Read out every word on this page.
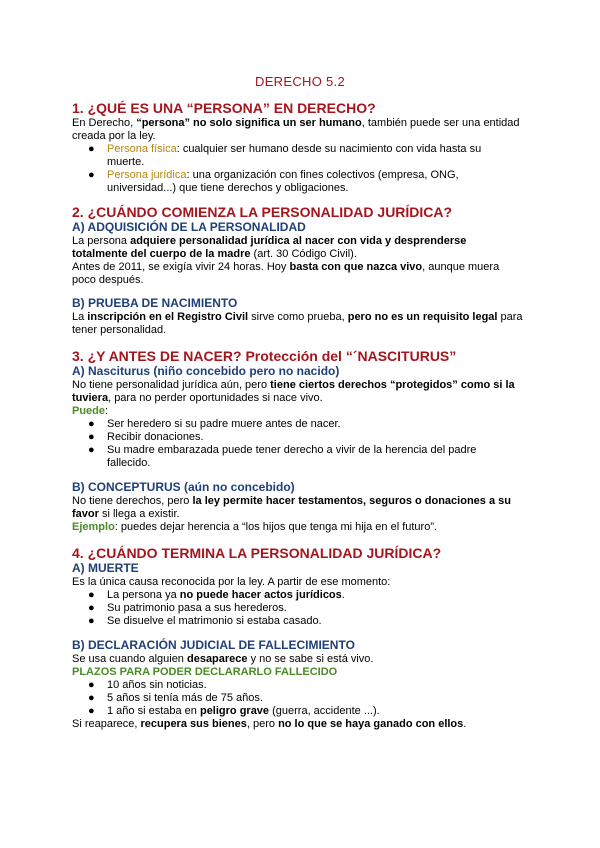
DERECHO 5.2
1. ¿QUÉ ES UNA “PERSONA” EN DERECHO?
En Derecho, “persona” no solo significa un ser humano, también puede ser una entidad
creada por la ley.
● Persona física: cualquier ser humano desde su nacimiento con vida hasta su
muerte.
● Persona jurídica: una organización con fines colectivos (empresa, ONG,
universidad...) que tiene derechos y obligaciones.
2. ¿CUÁNDO COMIENZA LA PERSONALIDAD JURÍDICA?
A) ADQUISICIÓN DE LA PERSONALIDAD
La persona adquiere personalidad jurídica al nacer con vida y desprenderse
totalmente del cuerpo de la madre (art. 30 Código Civil).
Antes de 2011, se exigía vivir 24 horas. Hoy basta con que nazca vivo, aunque muera
poco después.
B) PRUEBA DE NACIMIENTO
La inscripción en el Registro Civil sirve como prueba, pero no es un requisito legal para
tener personalidad.
3. ¿Y ANTES DE NACER? Protección del “´NASCITURUS”
A) Nasciturus (niño concebido pero no nacido)
No tiene personalidad jurídica aún, pero tiene ciertos derechos “protegidos” como si la
tuviera, para no perder oportunidades si nace vivo.
Puede:
● Ser heredero si su padre muere antes de nacer.
● Recibir donaciones.
● Su madre embarazada puede tener derecho a vivir de la herencia del padre
fallecido.
B) CONCEPTURUS (aún no concebido)
No tiene derechos, pero la ley permite hacer testamentos, seguros o donaciones a su
favor si llega a existir.
Ejemplo: puedes dejar herencia a “los hijos que tenga mi hija en el futuro”.
4. ¿CUÁNDO TERMINA LA PERSONALIDAD JURÍDICA?
A) MUERTE
Es la única causa reconocida por la ley. A partir de ese momento:
● La persona ya no puede hacer actos jurídicos.
● Su patrimonio pasa a sus herederos.
● Se disuelve el matrimonio si estaba casado.
B) DECLARACIÓN JUDICIAL DE FALLECIMIENTO
Se usa cuando alguien desaparece y no se sabe si está vivo.
PLAZOS PARA PODER DECLARARLO FALLECIDO
● 10 años sin noticias.
● 5 años si tenía más de 75 años.
● 1 año si estaba en peligro grave (guerra, accidente ...).
Si reaparece, recupera sus bienes, pero no lo que se haya ganado con ellos.
